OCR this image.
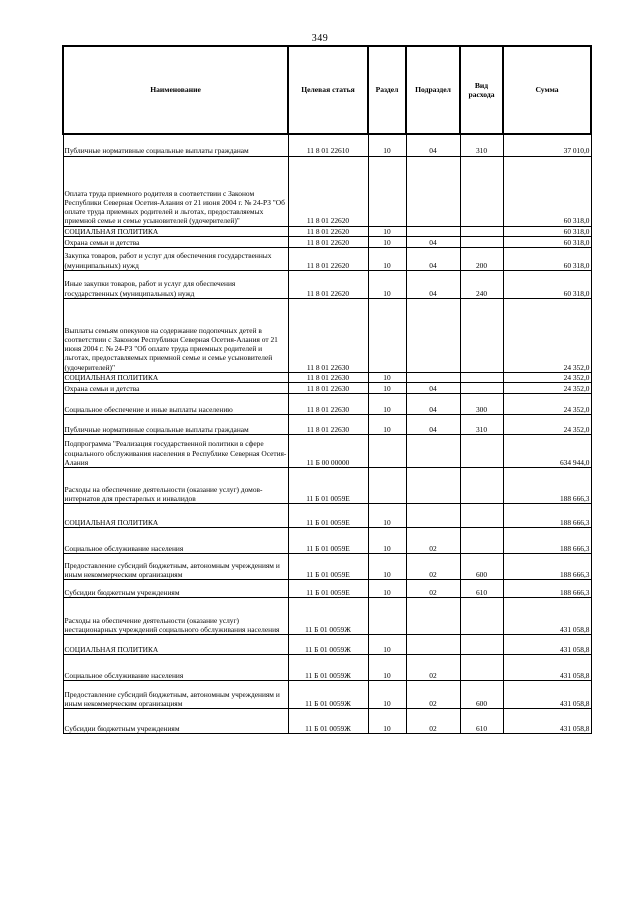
349
Наименование	Целевая статья	Раздел	Подраздел	Вид расхода	Сумма
Публичные нормативные социальные выплаты гражданам	11 8 01 22610	10	04	310	37 010,0
Оплата труда приемного родителя в соответствии с Законом Республики Северная Осетия-Алания от 21 июня 2004 г. № 24-РЗ "Об оплате труда приемных родителей и льготах, предоставляемых приемной семье и семье усыновителей (удочерителей)"	11 8 01 22620				60 318,0
СОЦИАЛЬНАЯ ПОЛИТИКА	11 8 01 22620	10			60 318,0
Охрана семьи и детства	11 8 01 22620	10	04		60 318,0
Закупка товаров, работ и услуг для обеспечения государственных (муниципальных) нужд	11 8 01 22620	10	04	200	60 318,0
Иные закупки товаров, работ и услуг для обеспечения государственных (муниципальных) нужд	11 8 01 22620	10	04	240	60 318,0
Выплаты семьям опекунов на содержание подопечных детей в соответствии с Законом Республики Северная Осетия-Алания от 21 июня 2004 г. № 24-РЗ "Об оплате труда приемных родителей и льготах, предоставляемых приемной семье и семье усыновителей (удочерителей)"	11 8 01 22630				24 352,0
СОЦИАЛЬНАЯ ПОЛИТИКА	11 8 01 22630	10			24 352,0
Охрана семьи и детства	11 8 01 22630	10	04		24 352,0
Социальное обеспечение и иные выплаты населению	11 8 01 22630	10	04	300	24 352,0
Публичные нормативные социальные выплаты гражданам	11 8 01 22630	10	04	310	24 352,0
Подпрограмма "Реализация государственной политики в сфере социального обслуживания населения в Республике Северная Осетия-Алания	11 Б 00 00000				634 944,0
Расходы на обеспечение деятельности (оказание услуг) домов-интернатов для престарелых и инвалидов	11 Б 01 0059Е				188 666,3
СОЦИАЛЬНАЯ ПОЛИТИКА	11 Б 01 0059Е	10			188 666,3
Социальное обслуживание населения	11 Б 01 0059Е	10	02		188 666,3
Предоставление субсидий бюджетным, автономным учреждениям и иным некоммерческим организациям	11 Б 01 0059Е	10	02	600	188 666,3
Субсидии бюджетным учреждениям	11 Б 01 0059Е	10	02	610	188 666,3
Расходы на обеспечение деятельности (оказание услуг) нестационарных учреждений социального обслуживания населения	11 Б 01 0059Ж				431 058,8
СОЦИАЛЬНАЯ ПОЛИТИКА	11 Б 01 0059Ж	10			431 058,8
Социальное обслуживание населения	11 Б 01 0059Ж	10	02		431 058,8
Предоставление субсидий бюджетным, автономным учреждениям и иным некоммерческим организациям	11 Б 01 0059Ж	10	02	600	431 058,8
Субсидии бюджетным учреждениям	11 Б 01 0059Ж	10	02	610	431 058,8
